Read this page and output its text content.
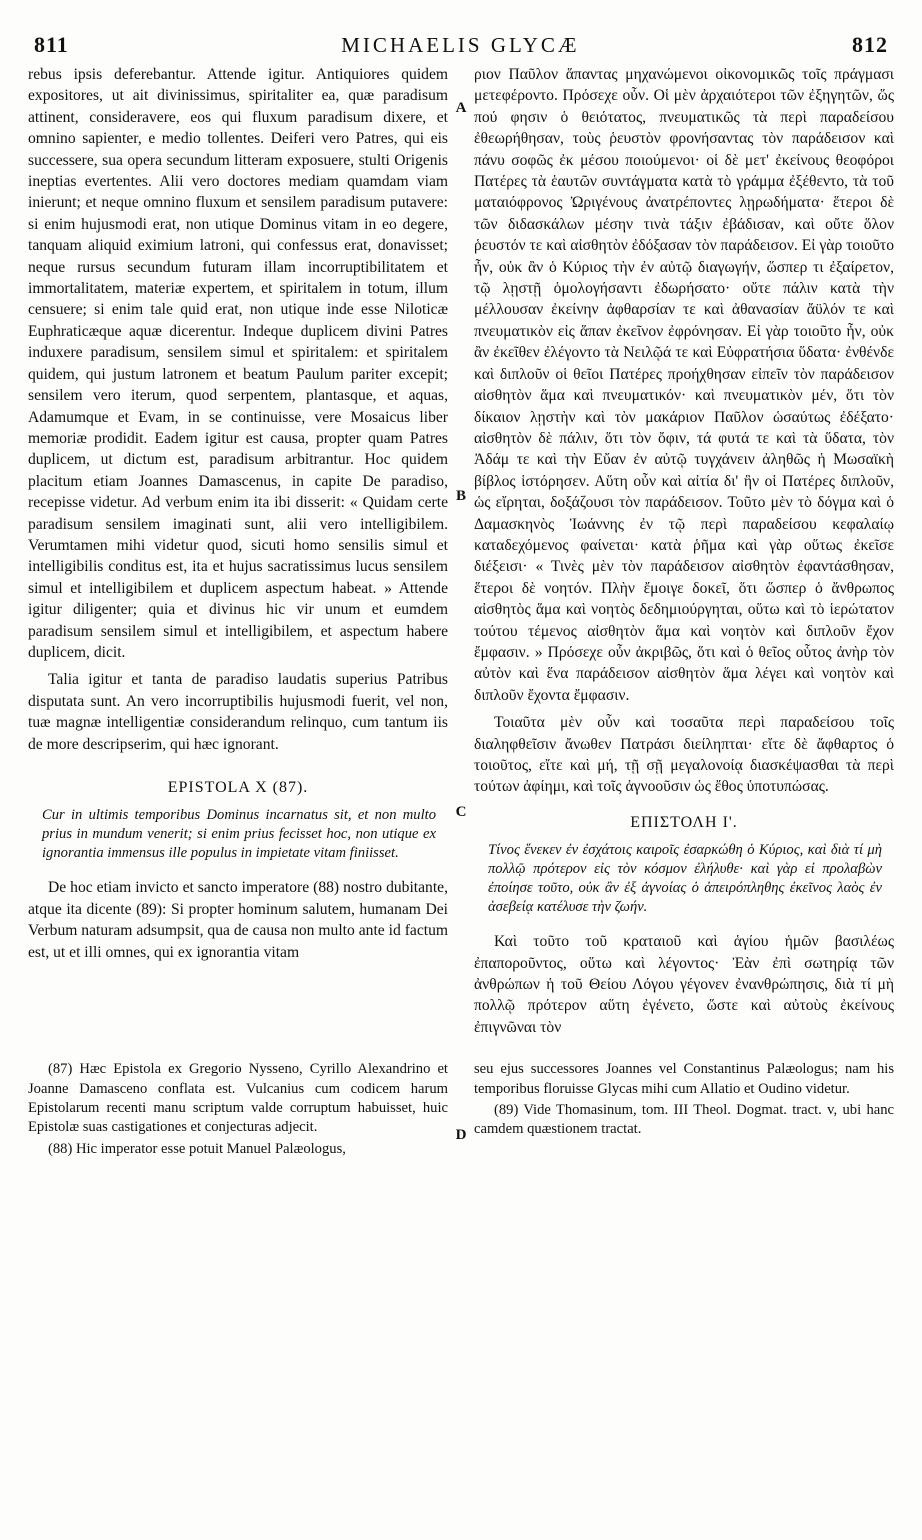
811	MICHAELIS GLYCÆ	812

rebus ipsis deferebantur. Attende igitur. Antiquiores quidem expositores, ut ait divinissimus, spiritaliter ea, quæ paradisum attinent, consideravere, eos qui fluxum paradisum dixere, et omnino sapienter, e medio tollentes. Deiferi vero Patres, qui eis successere, sua opera secundum litteram exposuere, stulti Origenis ineptias evertentes. Alii vero doctores mediam quamdam viam inierunt; et neque omnino fluxum et sensilem paradisum putavere: si enim hujusmodi erat, non utique Dominus vitam in eo degere, tanquam aliquid eximium latroni, qui confessus erat, donavisset; neque rursus secundum futuram illam incorruptibilitatem et immortalitatem, materiæ expertem, et spiritalem in totum, illum censuere; si enim tale quid erat, non utique inde esse Niloticæ Euphraticæque aquæ dicerentur. Indeque duplicem divini Patres induxere paradisum, sensilem simul et spiritalem: et spiritalem quidem, qui justum latronem et beatum Paulum pariter excepit; sensilem vero iterum, quod serpentem, plantasque, et aquas, Adamumque et Evam, in se continuisse, vere Mosaicus liber memoriæ prodidit. Eadem igitur est causa, propter quam Patres duplicem, ut dictum est, paradisum arbitrantur. Hoc quidem placitum etiam Joannes Damascenus, in capite De paradiso, recepisse videtur. Ad verbum enim ita ibi disserit: « Quidam certe paradisum sensilem imaginati sunt, alii vero intelligibilem. Verumtamen mihi videtur quod, sicuti homo sensilis simul et intelligibilis conditus est, ita et hujus sacratissimus lucus sensilem simul et intelligibilem et duplicem aspectum habeat. » Attende igitur diligenter; quia et divinus hic vir unum et eumdem paradisum sensilem simul et intelligibilem, et aspectum habere duplicem, dicit.

Talia igitur et tanta de paradiso laudatis superius Patribus disputata sunt. An vero incorruptibilis hujusmodi fuerit, vel non, tuæ magnæ intelligentiæ considerandum relinquo, cum tantum iis de more descripserim, qui hæc ignorant.

EPISTOLA X (87).

Cur in ultimis temporibus Dominus incarnatus sit, et non multo prius in mundum venerit; si enim prius fecisset hoc, non utique ex ignorantia immensus ille populus in impietate vitam finiisset.

De hoc etiam invicto et sancto imperatore (88) nostro dubitante, atque ita dicente (89): Si propter hominum salutem, humanam Dei Verbum naturam adsumpsit, qua de causa non multo ante id factum est, ut et illi omnes, qui ex ignorantia vitam

A
B
C
D

ριον Παῦλον ἅπαντας μηχανώμενοι οἰκονομικῶς τοῖς πράγμασι μετεφέροντο. Πρόσεχε οὖν. Οἱ μὲν ἀρχαιότεροι τῶν ἐξηγητῶν, ὥς πού φησιν ὁ θειότατος, πνευματικῶς τὰ περὶ παραδείσου ἐθεωρήθησαν, τοὺς ῥευστὸν φρονήσαντας τὸν παράδεισον καὶ πάνυ σοφῶς ἐκ μέσου ποιούμενοι· οἱ δὲ μετ' ἐκείνους θεοφόροι Πατέρες τὰ ἑαυτῶν συντάγματα κατὰ τὸ γράμμα ἐξέθεντο, τὰ τοῦ ματαιόφρονος Ὠριγένους ἀνατρέποντες λῃρωδήματα· ἕτεροι δὲ τῶν διδασκάλων μέσην τινὰ τάξιν ἐβάδισαν, καὶ οὔτε ὅλον ῥευστόν τε καὶ αἰσθητὸν ἐδόξασαν τὸν παράδεισον. Εἰ γὰρ τοιοῦτο ἦν, οὐκ ἂν ὁ Κύριος τὴν ἐν αὐτῷ διαγωγήν, ὥσπερ τι ἐξαίρετον, τῷ λῃστῇ ὁμολογήσαντι ἐδωρήσατο· οὔτε πάλιν κατὰ τὴν μέλλουσαν ἐκείνην ἀφθαρσίαν τε καὶ ἀθανασίαν ἄϋλόν τε καὶ πνευματικὸν εἰς ἅπαν ἐκεῖνον ἐφρόνησαν. Εἰ γὰρ τοιοῦτο ἦν, οὐκ ἂν ἐκεῖθεν ἐλέγοντο τὰ Νειλῷά τε καὶ Εὐφρατήσια ὕδατα· ἐνθένδε καὶ διπλοῦν οἱ θεῖοι Πατέρες προήχθησαν εἰπεῖν τὸν παράδεισον αἰσθητὸν ἅμα καὶ πνευματικόν· καὶ πνευματικὸν μέν, ὅτι τὸν δίκαιον λῃστὴν καὶ τὸν μακάριον Παῦλον ὡσαύτως ἐδέξατο· αἰσθητὸν δὲ πάλιν, ὅτι τὸν ὄφιν, τά φυτά τε καὶ τὰ ὕδατα, τὸν Ἀδάμ τε καὶ τὴν Εὔαν ἐν αὐτῷ τυγχάνειν ἀληθῶς ἡ Μωσαϊκὴ βίβλος ἱστόρησεν. Αὕτη οὖν καὶ αἰτία δι' ἣν οἱ Πατέρες διπλοῦν, ὡς εἴρηται, δοξάζουσι τὸν παράδεισον. Τοῦτο μὲν τὸ δόγμα καὶ ὁ Δαμασκηνὸς Ἰωάννης ἐν τῷ περὶ παραδείσου κεφαλαίῳ καταδεχόμενος φαίνεται· κατὰ ῥῆμα καὶ γὰρ οὕτως ἐκεῖσε διέξεισι· « Τινὲς μὲν τὸν παράδεισον αἰσθητὸν ἐφαντάσθησαν, ἕτεροι δὲ νοητόν. Πλὴν ἔμοιγε δοκεῖ, ὅτι ὥσπερ ὁ ἄνθρωπος αἰσθητὸς ἅμα καὶ νοητὸς δεδημιούργηται, οὕτω καὶ τὸ ἱερώτατον τούτου τέμενος αἰσθητὸν ἅμα καὶ νοητὸν καὶ διπλοῦν ἔχον ἔμφασιν. » Πρόσεχε οὖν ἀκριβῶς, ὅτι καὶ ὁ θεῖος οὗτος ἀνὴρ τὸν αὐτὸν καὶ ἕνα παράδεισον αἰσθητὸν ἅμα λέγει καὶ νοητὸν καὶ διπλοῦν ἔχοντα ἔμφασιν.

Τοιαῦτα μὲν οὖν καὶ τοσαῦτα περὶ παραδείσου τοῖς διαληφθεῖσιν ἄνωθεν Πατράσι διείληπται· εἴτε δὲ ἄφθαρτος ὁ τοιοῦτος, εἴτε καὶ μή, τῇ σῇ μεγαλονοίᾳ διασκέψασθαι τὰ περὶ τούτων ἀφίημι, καὶ τοῖς ἀγνοοῦσιν ὡς ἔθος ὑποτυπώσας.

ΕΠΙΣΤΟΛΗ Ι'.

Τίνος ἕνεκεν ἐν ἐσχάτοις καιροῖς ἐσαρκώθη ὁ Κύριος, καὶ διὰ τί μὴ πολλῷ πρότερον εἰς τὸν κόσμον ἐλήλυθε· καὶ γὰρ εἰ προλαβὼν ἐποίησε τοῦτο, οὐκ ἂν ἐξ ἀγνοίας ὁ ἀπειρόπληθης ἐκεῖνος λαὸς ἐν ἀσεβείᾳ κατέλυσε τὴν ζωήν.

Καὶ τοῦτο τοῦ κραταιοῦ καὶ ἁγίου ἡμῶν βασιλέως ἐπαποροῦντος, οὕτω καὶ λέγοντος· Ἐὰν ἐπὶ σωτηρίᾳ τῶν ἀνθρώπων ἡ τοῦ Θείου Λόγου γέγονεν ἐνανθρώπησις, διὰ τί μὴ πολλῷ πρότερον αὕτη ἐγένετο, ὥστε καὶ αὐτοὺς ἐκείνους ἐπιγνῶναι τὸν

(87) Hæc Epistola ex Gregorio Nysseno, Cyrillo Alexandrino et Joanne Damasceno conflata est. Vulcanius cum codicem harum Epistolarum recenti manu scriptum valde corruptum habuisset, huic Epistolæ suas castigationes et conjecturas adjecit.

(88) Hic imperator esse potuit Manuel Palæologus,

seu ejus successores Joannes vel Constantinus Palæologus; nam his temporibus floruisse Glycas mihi cum Allatio et Oudino videtur.

(89) Vide Thomasinum, tom. III Theol. Dogmat. tract. v, ubi hanc camdem quæstionem tractat.
